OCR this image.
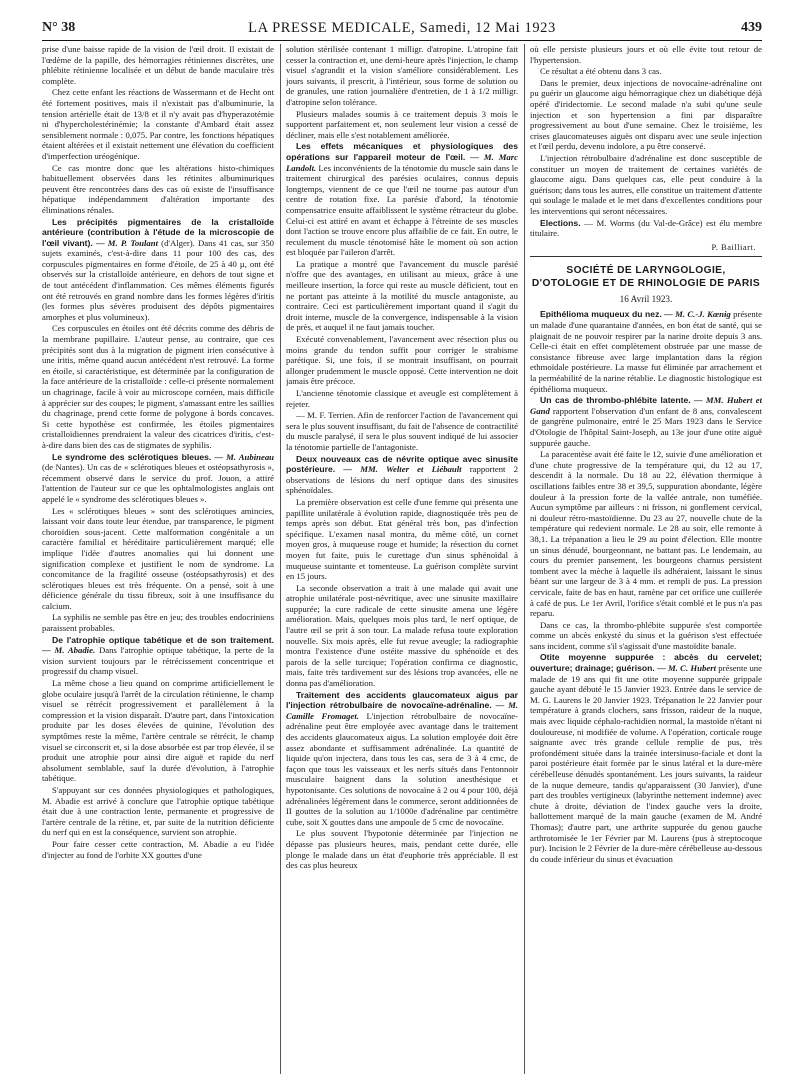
N° 38	LA PRESSE MEDICALE, Samedi, 12 Mai 1923	439

prise d'une baisse rapide de la vision de l'œil droit. Il existait de l'œdème de la papille, des hémorragies rétiniennes discrètes, une phlébite rétinienne localisée et un début de bande maculaire très complète.

Chez cette enfant les réactions de Wassermann et de Hecht ont été fortement positives, mais il n'existait pas d'albuminurie, la tension artérielle était de 13/8 et il n'y avait pas d'hyperazotémie ni d'hypercholestérinémie; la constante d'Ambard était assez sensiblement normale : 0,075. Par contre, les fonctions hépatiques étaient altérées et il existait nettement une élévation du coefficient d'imperfection uréogénique.

Ce cas montre donc que les altérations histo-chimiques habituellement observées dans les rétinites albuminuriques peuvent être rencontrées dans des cas où existe de l'insuffisance hépatique indépendamment d'altération importante des éliminations rénales.

Les précipités pigmentaires de la cristalloïde antérieure (contribution à l'étude de la microscopie de l'œil vivant). — M. P. Toulant (d'Alger). Dans 41 cas, sur 350 sujets examinés, c'est-à-dire dans 11 pour 100 des cas, des corpuscules pigmentaires en forme d'étoile, de 25 à 40 µ, ont été observés sur la cristalloïde antérieure, en dehors de tout signe et de tout antécédent d'inflammation. Ces mêmes éléments figurés ont été retrouvés en grand nombre dans les formes légères d'iritis (les formes plus sévères produisent des dépôts pigmentaires amorphes et plus volumineux).

Ces corpuscules en étoiles ont été décrits comme des débris de la membrane pupillaire. L'auteur pense, au contraire, que ces précipités sont dus à la migration de pigment irien consécutive à une iritis, même quand aucun antécédent n'est retrouvé. La forme en étoile, si caractéristique, est déterminée par la configuration de la face antérieure de la cristalloïde : celle-ci présente normalement un chagrinage, facile à voir au microscope cornéen, mais difficile à apprécier sur des coupes; le pigment, s'amassant entre les saillies du chagrinage, prend cette forme de polygone à bords concaves. Si cette hypothèse est confirmée, les étoiles pigmentaires cristalloïdiennes prendraient la valeur des cicatrices d'iritis, c'est-à-dire dans bien des cas de stigmates de syphilis.

Le syndrome des sclérotiques bleues. — M. Aubineau (de Nantes). Un cas de « sclérotiques bleues et ostéopsathyrosis », récemment observé dans le service du prof. Jouon, a attiré l'attention de l'auteur sur ce que les ophtalmologistes anglais ont appelé le « syndrome des sclérotiques bleues ».

Les « sclérotiques bleues » sont des sclérotiques amincies, laissant voir dans toute leur étendue, par transparence, le pigment choroïdien sous-jacent. Cette malformation congénitale a un caractère familial et héréditaire particulièrement marqué; elle implique l'idée d'autres anomalies qui lui donnent une signification complexe et justifient le nom de syndrome. La concomitance de la fragilité osseuse (ostéopsathyrosis) et des sclérotiques bleues est très fréquente. On a pensé, soit à une déficience générale du tissu fibreux, soit à une insuffisance du calcium.

La syphilis ne semble pas être en jeu; des troubles endocriniens paraissent probables.

De l'atrophie optique tabétique et de son traitement. — M. Abadie. Dans l'atrophie optique tabétique, la perte de la vision survient toujours par le rétrécissement concentrique et progressif du champ visuel.

La même chose a lieu quand on comprime artificiellement le globe oculaire jusqu'à l'arrêt de la circulation rétinienne, le champ visuel se rétrécit progressivement et parallèlement à la compression et la vision disparaît. D'autre part, dans l'intoxication produite par les doses élevées de quinine, l'évolution des symptômes reste la même, l'artère centrale se rétrécit, le champ visuel se circonscrit et, si la dose absorbée est par trop élevée, il se produit une atrophie pour ainsi dire aiguë et rapide du nerf absolument semblable, sauf la durée d'évolution, à l'atrophie tabétique.

S'appuyant sur ces données physiologiques et pathologiques, M. Abadie est arrivé à conclure que l'atrophie optique tabétique était due à une contraction lente, permanente et progressive de l'artère centrale de la rétine, et, par suite de la nutrition déficiente du nerf qui en est la conséquence, survient son atrophie.

Pour faire cesser cette contraction, M. Abadie a eu l'idée d'injecter au fond de l'orbite XX gouttes d'une

solution stérilisée contenant 1 milligr. d'atropine. L'atropine fait cesser la contraction et, une demi-heure après l'injection, le champ visuel s'agrandit et la vision s'améliore considérablement. Les jours suivants, il prescrit, à l'intérieur, sous forme de solution ou de granules, une ration journalière d'entretien, de 1 à 1/2 milligr. d'atropine selon tolérance.

Plusieurs malades soumis à ce traitement depuis 3 mois le supportent parfaitement et, non seulement leur vision a cessé de décliner, mais elle s'est notablement améliorée.

Les effets mécaniques et physiologiques des opérations sur l'appareil moteur de l'œil. — M. Marc Landolt. Les inconvénients de la ténotomie du muscle sain dans le traitement chirurgical des parésies oculaires, connus depuis longtemps, viennent de ce que l'œil ne tourne pas autour d'un centre de rotation fixe. La parésie d'abord, la ténotomie compensatrice ensuite affaiblissent le système rétracteur du globe. Celui-ci est attiré en avant et échappe à l'étreinte de ses muscles dont l'action se trouve encore plus affaiblie de ce fait. En outre, le reculement du muscle ténotomisé hâte le moment où son action est bloquée par l'aileron d'arrêt.

La pratique a montré que l'avancement du muscle parésié n'offre que des avantages, en utilisant au mieux, grâce à une meilleure insertion, la force qui reste au muscle déficient, tout en ne portant pas atteinte à la motilité du muscle antagoniste, au contraire. Ceci est particulièrement important quand il s'agit du droit interne, muscle de la convergence, indispensable à la vision de près, et auquel il ne faut jamais toucher.

Exécuté convenablement, l'avancement avec résection plus ou moins grande du tendon suffit pour corriger le strabisme parétique. Si, une fois, il se montrait insuffisant, on pourrait allonger prudemment le muscle opposé. Cette intervention ne doit jamais être précoce.

L'ancienne ténotomie classique et aveugle est complètement à rejeter.

— M. F. Terrien. Afin de renforcer l'action de l'avancement qui sera le plus souvent insuffisant, du fait de l'absence de contractilité du muscle paralysé, il sera le plus souvent indiqué de lui associer la ténotomie partielle de l'antagoniste.

Deux nouveaux cas de névrite optique avec sinusite postérieure. — MM. Welter et Liébault rapportent 2 observations de lésions du nerf optique dans des sinusites sphénoïdales.

La première observation est celle d'une femme qui présenta une papillite unilatérale à évolution rapide, diagnostiquée très peu de temps après son début. Etat général très bon, pas d'infection spécifique. L'examen nasal montra, du même côté, un cornet moyen gros, à muqueuse rouge et humide; la résection du cornet moyen fut faite, puis le curettage d'un sinus sphénoïdal à muqueuse suintante et tomenteuse. La guérison complète survint en 15 jours.

La seconde observation a trait à une malade qui avait une atrophie unilatérale post-névritique, avec une sinusite maxillaire suppurée; la cure radicale de cette sinusite amena une légère amélioration. Mais, quelques mois plus tard, le nerf optique, de l'autre œil se prit à son tour. La malade refusa toute exploration nouvelle. Six mois après, elle fut revue aveugle; la radiographie montra l'existence d'une ostéite massive du sphénoïde et des parois de la selle turcique; l'opération confirma ce diagnostic, mais, faite très tardivement sur des lésions trop avancées, elle ne donna pas d'amélioration.

Traitement des accidents glaucomateux aigus par l'injection rétrobulbaire de novocaïne-adrénaline. — M. Camille Fromaget. L'injection rétrobulbaire de novocaïne-adrénaline peut être employée avec avantage dans le traitement des accidents glaucomateux aigus. La solution employée doit être assez abondante et suffisamment adrénalinée. La quantité de liquide qu'on injectera, dans tous les cas, sera de 3 à 4 cmc, de façon que tous les vaisseaux et les nerfs situés dans l'entonnoir musculaire baignent dans la solution anesthésique et hypotonisante. Ces solutions de novocaïne à 2 ou 4 pour 100, déjà adrénalinées légèrement dans le commerce, seront additionnées de II gouttes de la solution au 1/1000e d'adrénaline par centimètre cube, soit X gouttes dans une ampoule de 5 cmc de novocaïne.

Le plus souvent l'hypotonie déterminée par l'injection ne dépasse pas plusieurs heures, mais, pendant cette durée, elle plonge le malade dans un état d'euphorie très appréciable. Il est des cas plus heureux

où elle persiste plusieurs jours et où elle évite tout retour de l'hypertension.

Ce résultat a été obtenu dans 3 cas.

Dans le premier, deux injections de novocaïne-adrénaline ont pu guérir un glaucome aigu hémorragique chez un diabétique déjà opéré d'iridectomie. Le second malade n'a subi qu'une seule injection et son hypertension a fini par disparaître progressivement au bout d'une semaine. Chez le troisième, les crises glaucomateuses aiguës ont disparu avec une seule injection et l'œil perdu, devenu indolore, a pu être conservé.

L'injection rétrobulbaire d'adrénaline est donc susceptible de constituer un moyen de traitement de certaines variétés de glaucome aigu. Dans quelques cas, elle peut conduire à la guérison; dans tous les autres, elle constitue un traitement d'attente qui soulage le malade et le met dans d'excellentes conditions pour les interventions qui seront nécessaires.

Elections. — M. Worms (du Val-de-Grâce) est élu membre titulaire.

P. Bailliart.
SOCIÉTÉ DE LARYNGOLOGIE,
D'OTOLOGIE ET DE RHINOLOGIE DE PARIS
16 Avril 1923.

Epithélioma muqueux du nez. — M. C.-J. Kœnig présente un malade d'une quarantaine d'années, en bon état de santé, qui se plaignait de ne pouvoir respirer par la narine droite depuis 3 ans. Celle-ci était en effet complètement obstruée par une masse de consistance fibreuse avec large implantation dans la région ethmoïdale postérieure. La masse fut éliminée par arrachement et la perméabilité de la narine rétablie. Le diagnostic histologique est épithélioma muqueux.

Un cas de thrombo-phlébite latente. — MM. Hubert et Gand rapportent l'observation d'un enfant de 8 ans, convalescent de gangrène pulmonaire, entré le 25 Mars 1923 dans le Service d'Otologie de l'hôpital Saint-Joseph, au 13e jour d'une otite aiguë suppurée gauche.

La paracentèse avait été faite le 12, suivie d'une amélioration et d'une chute progressive de la température qui, du 12 au 17, descendit à la normale. Du 18 au 22, élévation thermique à oscillations faibles entre 38 et 39,5, suppuration abondante, légère douleur à la pression forte de la vallée antrale, non tuméfiée. Aucun symptôme par ailleurs : ni frisson, ni gonflement cervical, ni douleur rétro-mastoïdienne. Du 23 au 27, nouvelle chute de la température qui redevient normale. Le 28 au soir, elle remonte à 38,1. La trépanation a lieu le 29 au point d'élection. Elle montre un sinus dénudé, bourgeonnant, ne battant pas. Le lendemain, au cours du premier pansement, les bourgeons charnus persistent tombent avec la mèche à laquelle ils adhéraient, laissant le sinus béant sur une largeur de 3 à 4 mm. et rempli de pus. La pression cervicale, faite de bas en haut, ramène par cet orifice une cuillerée à café de pus. Le 1er Avril, l'orifice s'était comblé et le pus n'a pas reparu.

Dans ce cas, la thrombo-phlébite suppurée s'est comportée comme un abcès enkysté du sinus et la guérison s'est effectuée sans incident, comme s'il s'agissait d'une mastoïdite banale.

Otite moyenne suppurée : abcès du cervelet; ouverture; drainage; guérison. — M. C. Hubert présente une malade de 19 ans qui fit une otite moyenne suppurée grippale gauche ayant débuté le 15 Janvier 1923. Entrée dans le service de M. G. Laurens le 20 Janvier 1923. Trépanation le 22 Janvier pour température à grands clochers, sans frisson, raideur de la nuque, mais avec liquide céphalo-rachidien normal, la mastoïde n'étant ni douloureuse, ni modifiée de volume. A l'opération, corticale rouge saignante avec très grande cellule remplie de pus, très profondément située dans la trainée intersinuso-faciale et dont la paroi postérieure était formée par le sinus latéral et la dure-mère cérébelleuse dénudés spontanément. Les jours suivants, la raideur de la nuque demeure, tandis qu'apparaissent (30 Janvier), d'une part des troubles vertigineux (labyrinthe nettement indemne) avec chute à droite, déviation de l'index gauche vers la droite, ballottement marqué de la main gauche (examen de M. André Thomas); d'autre part, une arthrite suppurée du genou gauche arthrotomisée le 1er Février par M. Laurens (pus à streptocoque pur). Incision le 2 Février de la dure-mère cérébelleuse au-dessous du coude inférieur du sinus et évacuation
